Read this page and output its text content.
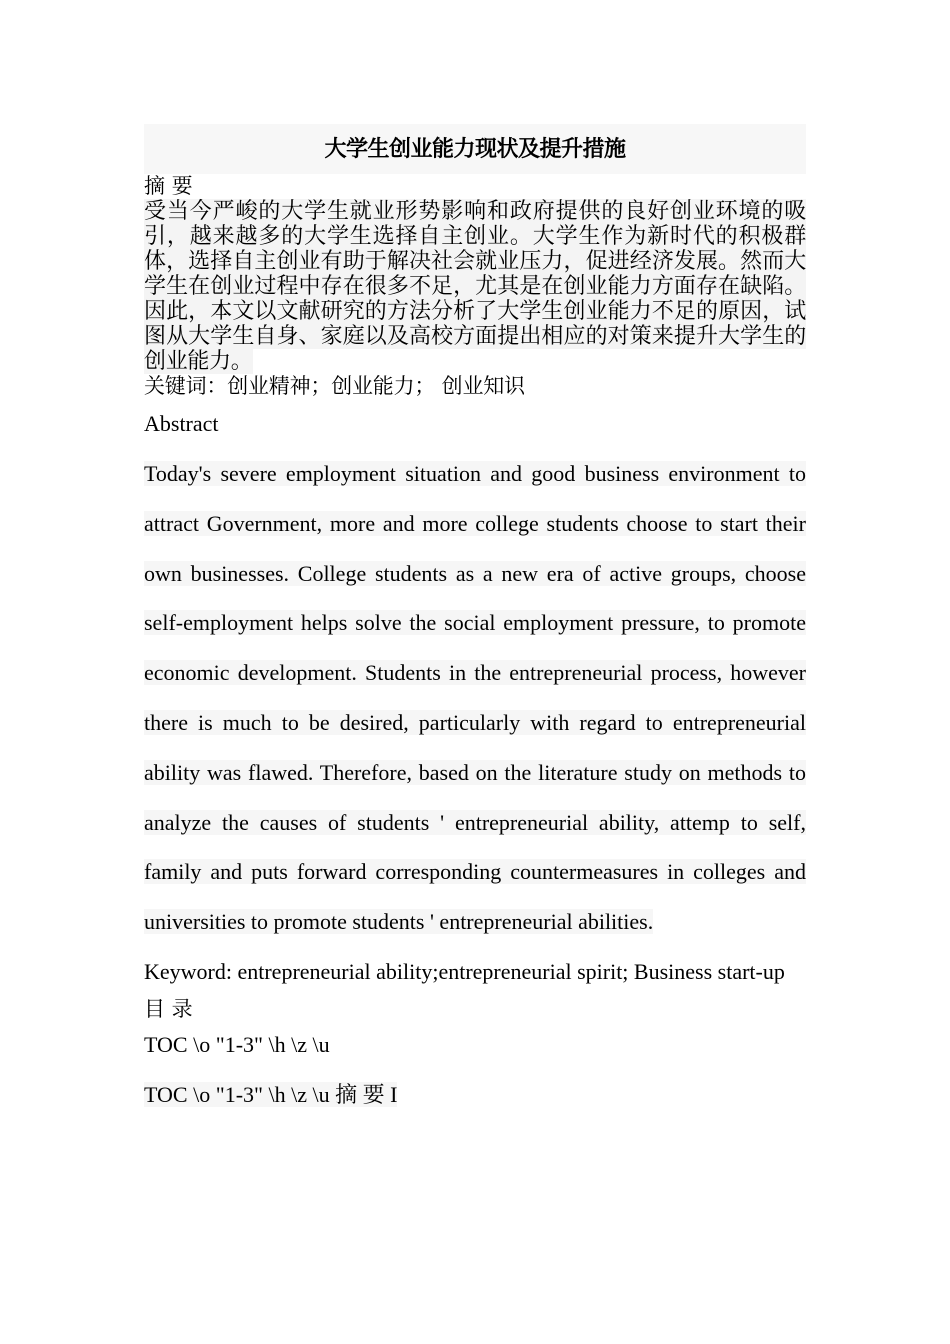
大学生创业能力现状及提升措施

摘 要

受当今严峻的大学生就业形势影响和政府提供的良好创业环境的吸引，越来越多的大学生选择自主创业。大学生作为新时代的积极群体，选择自主创业有助于解决社会就业压力，促进经济发展。然而大学生在创业过程中存在很多不足，尤其是在创业能力方面存在缺陷。因此，本文以文献研究的方法分析了大学生创业能力不足的原因，试图从大学生自身、家庭以及高校方面提出相应的对策来提升大学生的创业能力。

关键词：创业精神；创业能力； 创业知识

Abstract

Today's severe employment situation and good business environment to attract Government, more and more college students choose to start their own businesses. College students as a new era of active groups, choose self-employment helps solve the social employment pressure, to promote economic development. Students in the entrepreneurial process, however there is much to be desired, particularly with regard to entrepreneurial ability was flawed. Therefore, based on the literature study on methods to analyze the causes of students ' entrepreneurial ability, attemp to self, family and puts forward corresponding countermeasures in colleges and universities to promote students ' entrepreneurial abilities.

Keyword: entrepreneurial ability;entrepreneurial spirit; Business start-up

目 录

TOC \o "1-3" \h \z \u

TOC \o "1-3" \h \z \u 摘 要 I
